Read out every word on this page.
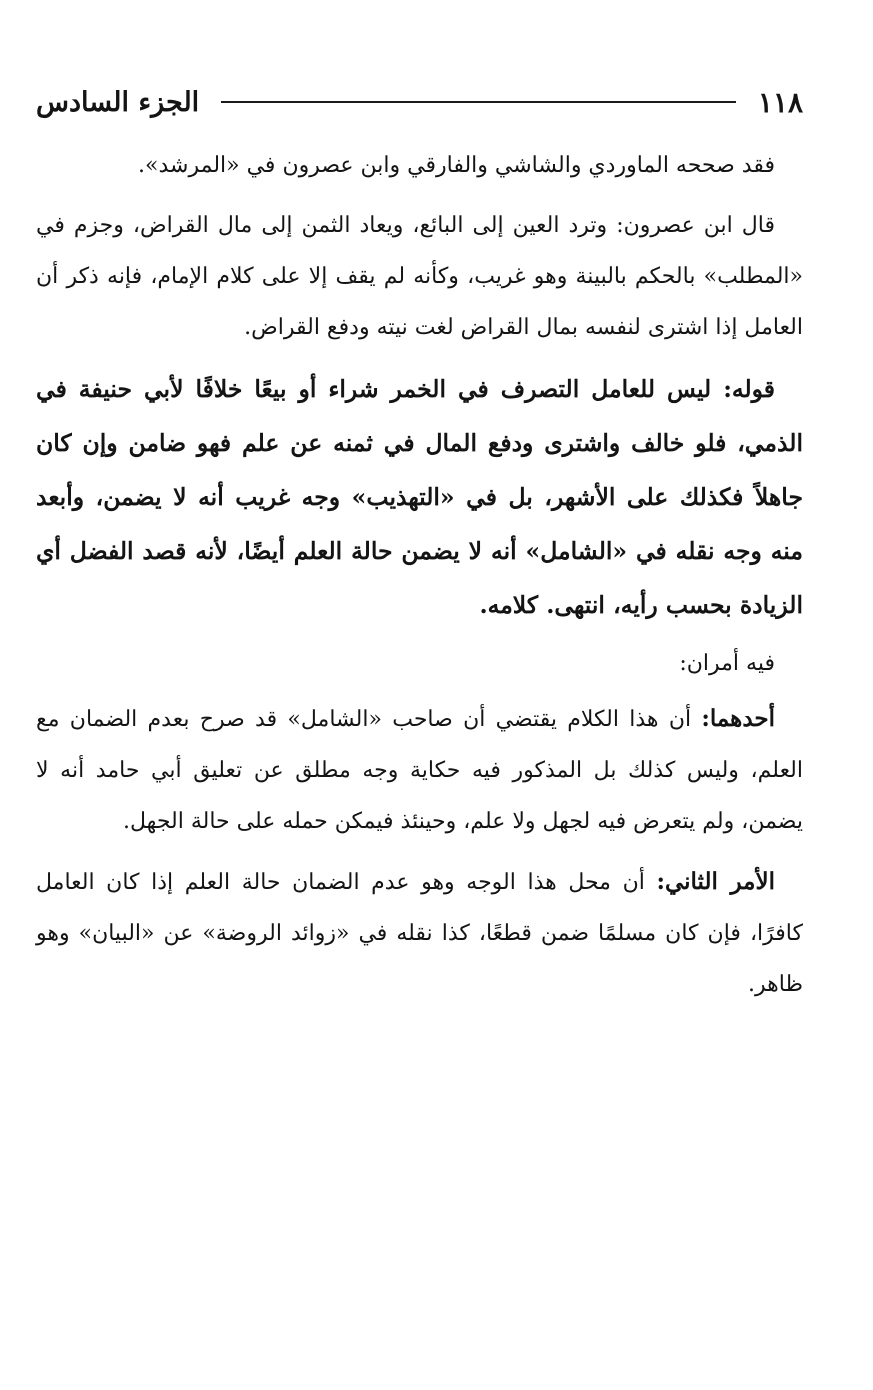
١١٨
الجزء السادس

فقد صححه الماوردي والشاشي والفارقي وابن عصرون في «المرشد».

قال ابن عصرون: وترد العين إلى البائع، ويعاد الثمن إلى مال القراض، وجزم في «المطلب» بالحكم بالبينة وهو غريب، وكأنه لم يقف إلا على كلام الإمام، فإنه ذكر أن العامل إذا اشترى لنفسه بمال القراض لغت نيته ودفع القراض.

قوله: ليس للعامل التصرف في الخمر شراء أو بيعًا خلافًا لأبي حنيفة في الذمي، فلو خالف واشترى ودفع المال في ثمنه عن علم فهو ضامن وإن كان جاهلاً فكذلك على الأشهر، بل في «التهذيب» وجه غريب أنه لا يضمن، وأبعد منه وجه نقله في «الشامل» أنه لا يضمن حالة العلم أيضًا، لأنه قصد الفضل أي الزيادة بحسب رأيه، انتهى. كلامه.

فيه أمران:

أحدهما: أن هذا الكلام يقتضي أن صاحب «الشامل» قد صرح بعدم الضمان مع العلم، وليس كذلك بل المذكور فيه حكاية وجه مطلق عن تعليق أبي حامد أنه لا يضمن، ولم يتعرض فيه لجهل ولا علم، وحينئذ فيمكن حمله على حالة الجهل.

الأمر الثاني: أن محل هذا الوجه وهو عدم الضمان حالة العلم إذا كان العامل كافرًا، فإن كان مسلمًا ضمن قطعًا، كذا نقله في «زوائد الروضة» عن «البيان» وهو ظاهر.
